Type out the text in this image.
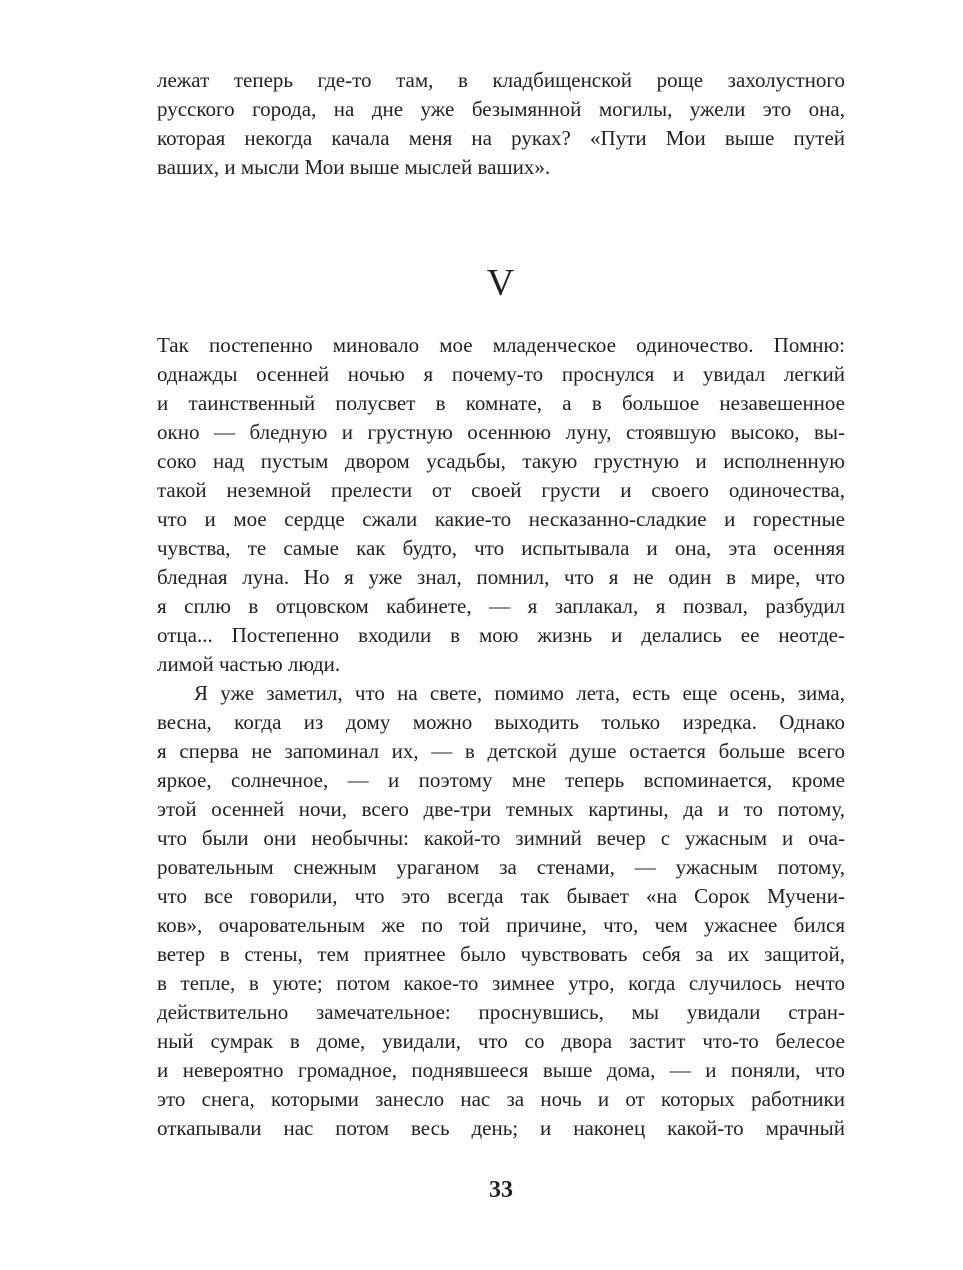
лежат теперь где-то там, в кладбищенской роще захолустного
русского города, на дне уже безымянной могилы, ужели это она,
которая некогда качала меня на руках? «Пути Мои выше путей
ваших, и мысли Мои выше мыслей ваших».
V
Так постепенно миновало мое младенческое одиночество. Помню:
однажды осенней ночью я почему-то проснулся и увидал легкий
и таинственный полусвет в комнате, а в большое незавешенное
окно — бледную и грустную осеннюю луну, стоявшую высоко, вы-
соко над пустым двором усадьбы, такую грустную и исполненную
такой неземной прелести от своей грусти и своего одиночества,
что и мое сердце сжали какие-то несказанно-сладкие и горестные
чувства, те самые как будто, что испытывала и она, эта осенняя
бледная луна. Но я уже знал, помнил, что я не один в мире, что
я сплю в отцовском кабинете, — я заплакал, я позвал, разбудил
отца... Постепенно входили в мою жизнь и делались ее неотде-
лимой частью люди.
Я уже заметил, что на свете, помимо лета, есть еще осень, зима,
весна, когда из дому можно выходить только изредка. Однако
я сперва не запоминал их, — в детской душе остается больше всего
яркое, солнечное, — и поэтому мне теперь вспоминается, кроме
этой осенней ночи, всего две-три темных картины, да и то потому,
что были они необычны: какой-то зимний вечер с ужасным и оча-
ровательным снежным ураганом за стенами, — ужасным потому,
что все говорили, что это всегда так бывает «на Сорок Мучени-
ков», очаровательным же по той причине, что, чем ужаснее бился
ветер в стены, тем приятнее было чувствовать себя за их защитой,
в тепле, в уюте; потом какое-то зимнее утро, когда случилось нечто
действительно замечательное: проснувшись, мы увидали стран-
ный сумрак в доме, увидали, что со двора застит что-то белесое
и невероятно громадное, поднявшееся выше дома, — и поняли, что
это снега, которыми занесло нас за ночь и от которых работники
откапывали нас потом весь день; и наконец какой-то мрачный
33
